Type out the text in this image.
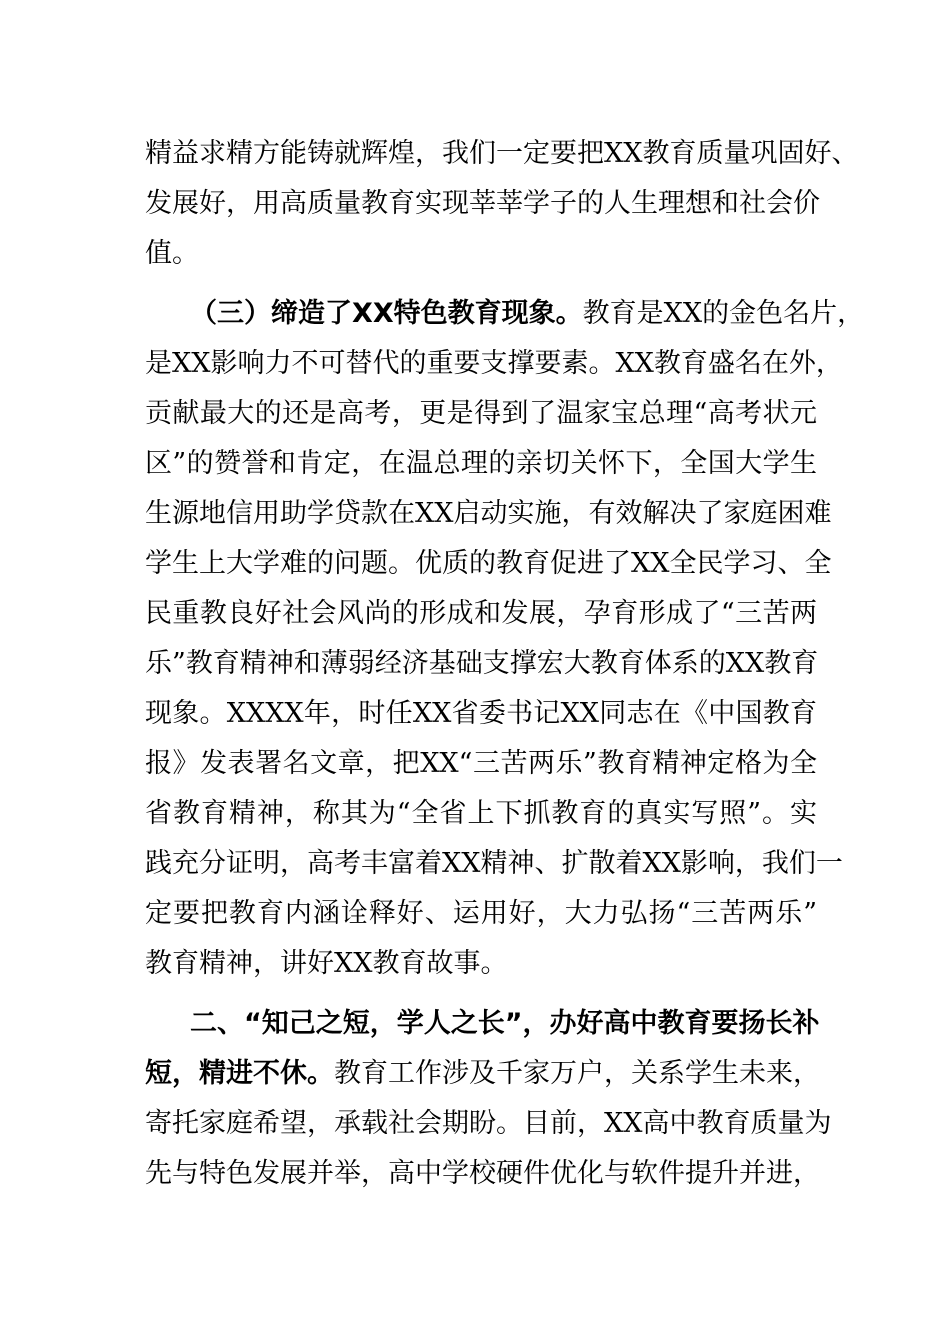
精益求精方能铸就辉煌，我们一定要把XX教育质量巩固好、
发展好，用高质量教育实现莘莘学子的人生理想和社会价
值。
（三）缔造了XX特色教育现象。教育是XX的金色名片，
是XX影响力不可替代的重要支撑要素。XX教育盛名在外，
贡献最大的还是高考，更是得到了温家宝总理“高考状元
区”的赞誉和肯定，在温总理的亲切关怀下，全国大学生
生源地信用助学贷款在XX启动实施，有效解决了家庭困难
学生上大学难的问题。优质的教育促进了XX全民学习、全
民重教良好社会风尚的形成和发展，孕育形成了“三苦两
乐”教育精神和薄弱经济基础支撑宏大教育体系的XX教育
现象。XXXX年，时任XX省委书记XX同志在《中国教育
报》发表署名文章，把XX“三苦两乐”教育精神定格为全
省教育精神，称其为“全省上下抓教育的真实写照”。实
践充分证明，高考丰富着XX精神、扩散着XX影响，我们一
定要把教育内涵诠释好、运用好，大力弘扬“三苦两乐”
教育精神，讲好XX教育故事。
二、“知己之短，学人之长”，办好高中教育要扬长补
短，精进不休。教育工作涉及千家万户，关系学生未来，
寄托家庭希望，承载社会期盼。目前，XX高中教育质量为
先与特色发展并举，高中学校硬件优化与软件提升并进，
